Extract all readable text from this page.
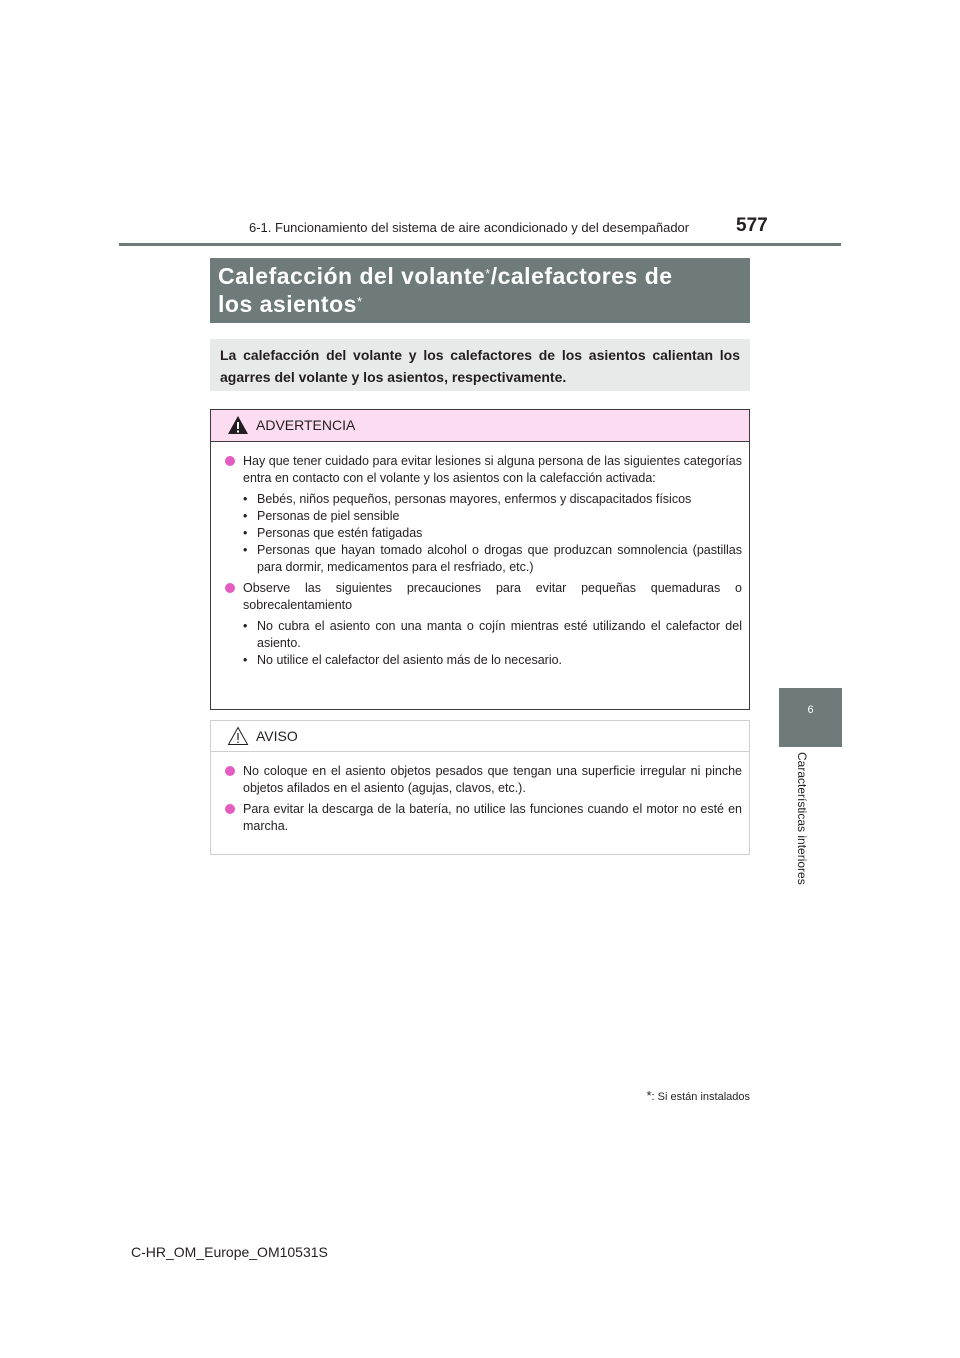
6-1. Funcionamiento del sistema de aire acondicionado y del desempañador	577
6
Características interiores
Calefacción del volante*/calefactores de
los asientos*
La calefacción del volante y los calefactores de los asientos calientan los agarres del volante y los asientos, respectivamente.
ADVERTENCIA
Hay que tener cuidado para evitar lesiones si alguna persona de las siguientes categorías entra en contacto con el volante y los asientos con la calefacción activada:
• Bebés, niños pequeños, personas mayores, enfermos y discapacitados físicos
• Personas de piel sensible
• Personas que estén fatigadas
• Personas que hayan tomado alcohol o drogas que produzcan somnolencia (pastillas para dormir, medicamentos para el resfriado, etc.)
Observe las siguientes precauciones para evitar pequeñas quemaduras o sobrecalentamiento
• No cubra el asiento con una manta o cojín mientras esté utilizando el calefactor del asiento.
• No utilice el calefactor del asiento más de lo necesario.
AVISO
No coloque en el asiento objetos pesados que tengan una superficie irregular ni pinche objetos afilados en el asiento (agujas, clavos, etc.).
Para evitar la descarga de la batería, no utilice las funciones cuando el motor no esté en marcha.
*: Si están instalados
C-HR_OM_Europe_OM10531S
